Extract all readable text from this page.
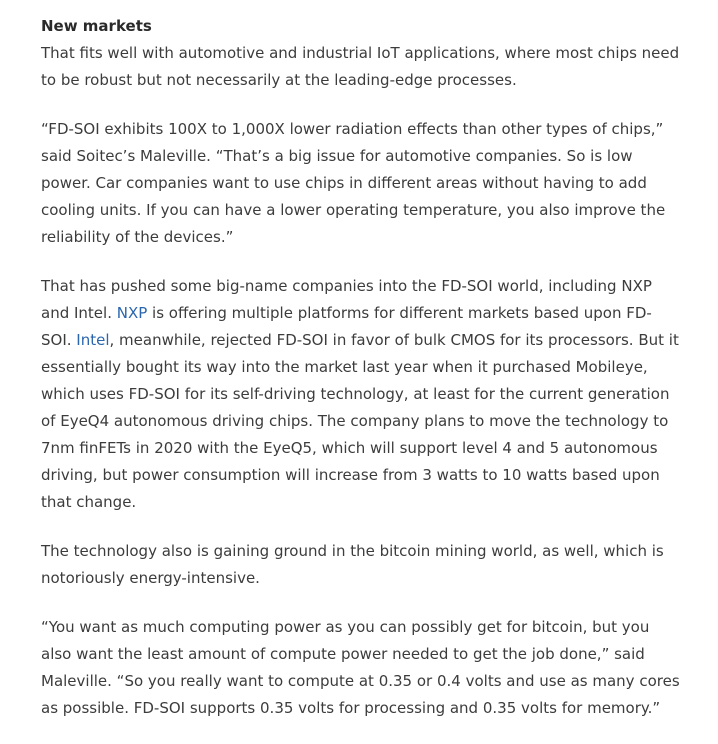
New markets

That fits well with automotive and industrial IoT applications, where most chips need to be robust but not necessarily at the leading-edge processes.

“FD-SOI exhibits 100X to 1,000X lower radiation effects than other types of chips,” said Soitec’s Maleville. “That’s a big issue for automotive companies. So is low power. Car companies want to use chips in different areas without having to add cooling units. If you can have a lower operating temperature, you also improve the reliability of the devices.”

That has pushed some big-name companies into the FD-SOI world, including NXP and Intel. NXP is offering multiple platforms for different markets based upon FD-SOI. Intel, meanwhile, rejected FD-SOI in favor of bulk CMOS for its processors. But it essentially bought its way into the market last year when it purchased Mobileye, which uses FD-SOI for its self-driving technology, at least for the current generation of EyeQ4 autonomous driving chips. The company plans to move the technology to 7nm finFETs in 2020 with the EyeQ5, which will support level 4 and 5 autonomous driving, but power consumption will increase from 3 watts to 10 watts based upon that change.

The technology also is gaining ground in the bitcoin mining world, as well, which is notoriously energy-intensive.

“You want as much computing power as you can possibly get for bitcoin, but you also want the least amount of compute power needed to get the job done,” said Maleville. “So you really want to compute at 0.35 or 0.4 volts and use as many cores as possible. FD-SOI supports 0.35 volts for processing and 0.35 volts for memory.”
